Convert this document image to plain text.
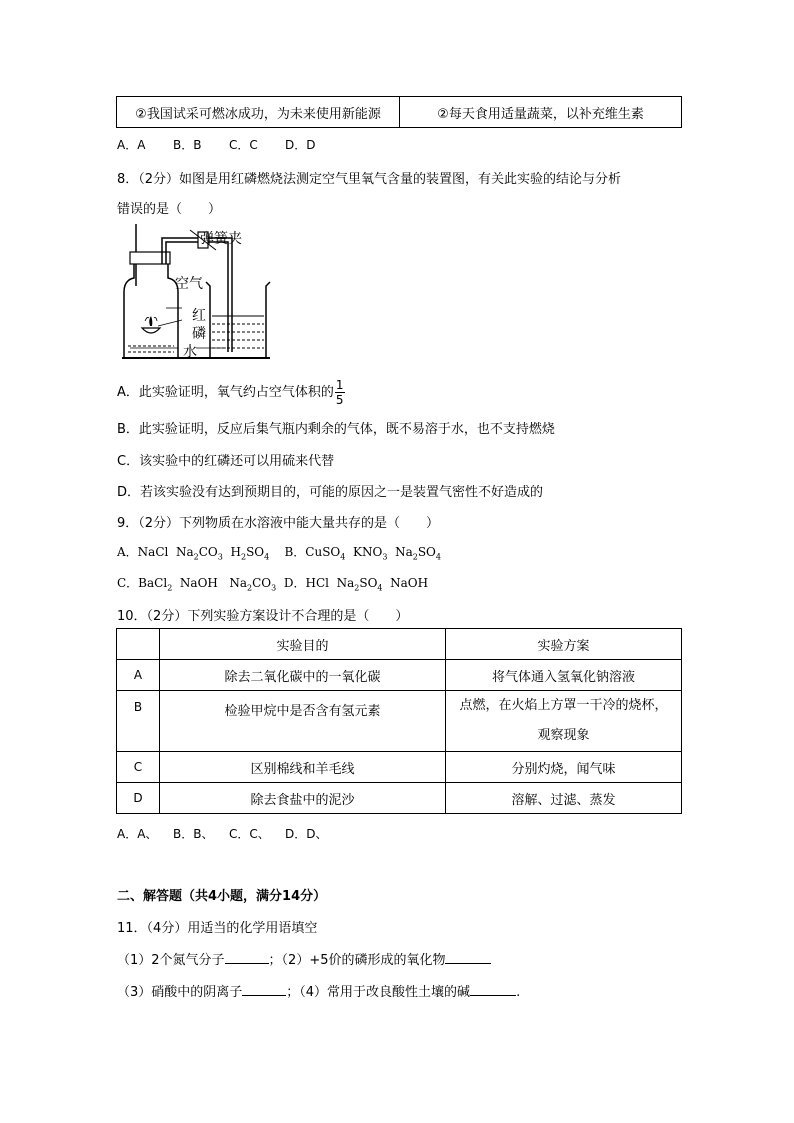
②我国试采可燃冰成功，为未来使用新能源	②每天食用适量蔬菜，以补充维生素
A．A B．B C．C D．D
8．（2分）如图是用红磷燃烧法测定空气里氧气含量的装置图，有关此实验的结论与分析
错误的是（　　）
弹簧夹
空气
红
磷
水
A．此实验证明，氧气约占空气体积的 $\frac{1}{5}$
B．此实验证明，反应后集气瓶内剩余的气体，既不易溶于水，也不支持燃烧
C．该实验中的红磷还可以用硫来代替
D．若该实验没有达到预期目的，可能的原因之一是装置气密性不好造成的
9．（2分）下列物质在水溶液中能大量共存的是（　　）
A．NaCl $Na_2CO_3$ $H_2SO_4$ B．CuSO$_4$ $KNO_3$ $Na_2SO_4$
C．BaCl$_2$ NaOH $Na_2CO_3$ D．HCl $Na_2SO_4$ NaOH
10．（2分）下列实验方案设计不合理的是（　　）
	实验目的	实验方案
A	除去二氧化碳中的一氧化碳	将气体通入氢氧化钠溶液
B	检验甲烷中是否含有氢元素	点燃，在火焰上方罩一干冷的烧杯，
观察现象

C	区别棉线和羊毛线	分别灼烧，闻气味
D	除去食盐中的泥沙	溶解、过滤、蒸发
A．A、 B．B、 C．C、 D．D、
二、解答题（共4小题，满分14分）
11．（4分）用适当的化学用语填空
（1）2个氮气分子	；（2）+5价的磷形成的氧化物
（3）硝酸中的阴离子	；（4）常用于改良酸性土壤的碱	.
